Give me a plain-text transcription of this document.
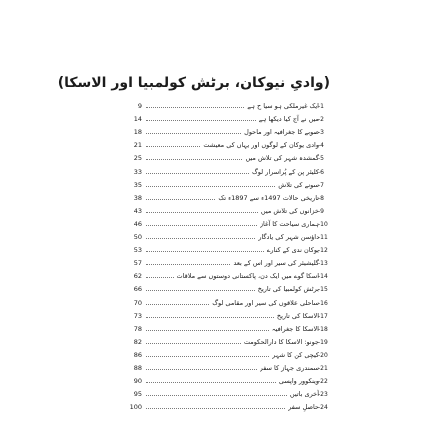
(وادیِ نیوکان، برٹش کولمبیا اور الاسکا)
9	ایک غیرملکی ہو سیا ح ہے -1
14	میں نے آج کیا دیکھا ہے -2
18	صوبے کا جغرافیہ اور ماحول -3
21	وادی یوکان کے لوگوں اور یہاں کی معیشت -4
25	گمشدہ شہر کی تلاش میں -5
33	کلیئر پن کے پُراسرار لوگ -6
35	سونے کی تلاش -7
38	تاریخی حالات 1497ء سے 1897ء تک -8
43	خزانوں کی تلاش میں -9
46	ہماری سیاحت کا آغاز -10
50	داؤسن شہر کی یادگار -11
53	یوکان ندی کے کنارے -12
57	گلیشیئر کی سیر اور اس کے بعد -13
62	اسکا گوے میں ایک دن، پاکستانی دوستوں سے ملاقات -14
66	برٹش کولمبیا کی تاریخ -15
70	ساحلی علاقوں کی سیر اور مقامی لوگ -16
73	الاسکا کی تاریخ -17
78	الاسکا کا جغرافیہ -18
82	جونو: الاسکا کا دارالحکومت -19
86	کیچی کن کا شہر -20
88	سمندری جہاز کا سفر -21
90	وینکوور واپسی -22
95	آخری باتیں -23
100	حاصلِ سفر -24
